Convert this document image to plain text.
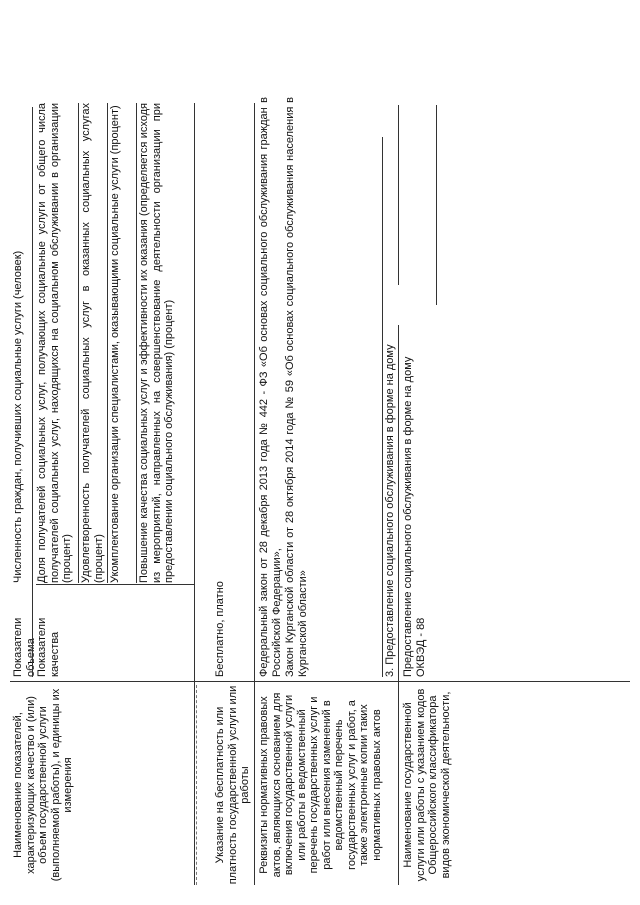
Наименование показателей, характеризующих качество и (или) объем государственной услуги (выполняемой работы), и единицы их измерения
Показатели объема
Численность граждан, получивших социальные услуги (человек)
Показатели качества
Доля получателей социальных услуг, получающих социальные услуги от общего числа получателей социальных услуг, находящихся на социальном обслуживании в организации (процент) Удовлетворенность получателей социальных услуг в оказанных социальных услугах (процент) Укомплектование организации специалистами, оказывающими социальные услуги (процент) Повышение качества социальных услуг и эффективности их оказания (определяется исходя из мероприятий, направленных на совершенствование деятельности организации при предоставлении социального обслуживания) (процент)
Указание на бесплатность или платность государственной услуги или работы
Бесплатно, платно
Реквизиты нормативных правовых актов, являющихся основанием для включения государственной услуги или работы в ведомственный перечень государственных услуг и работ или внесения изменений в ведомственный перечень государственных услуг и работ, а также электронные копии таких нормативных правовых актов
Федеральный закон от 28 декабря 2013 года № 442 - ФЗ «Об основах социального обслуживания граждан в Российской Федерации», Закон Курганской области от 28 октября 2014 года № 59 «Об основах социального обслуживания населения в Курганской области»	3. Предоставление социального обслуживания в форме на дому
Наименование государственной услуги или работы с указанием кодов Общероссийского классификатора видов экономической деятельности,
Предоставление социального обслуживания в форме на дому ОКВЭД - 88
